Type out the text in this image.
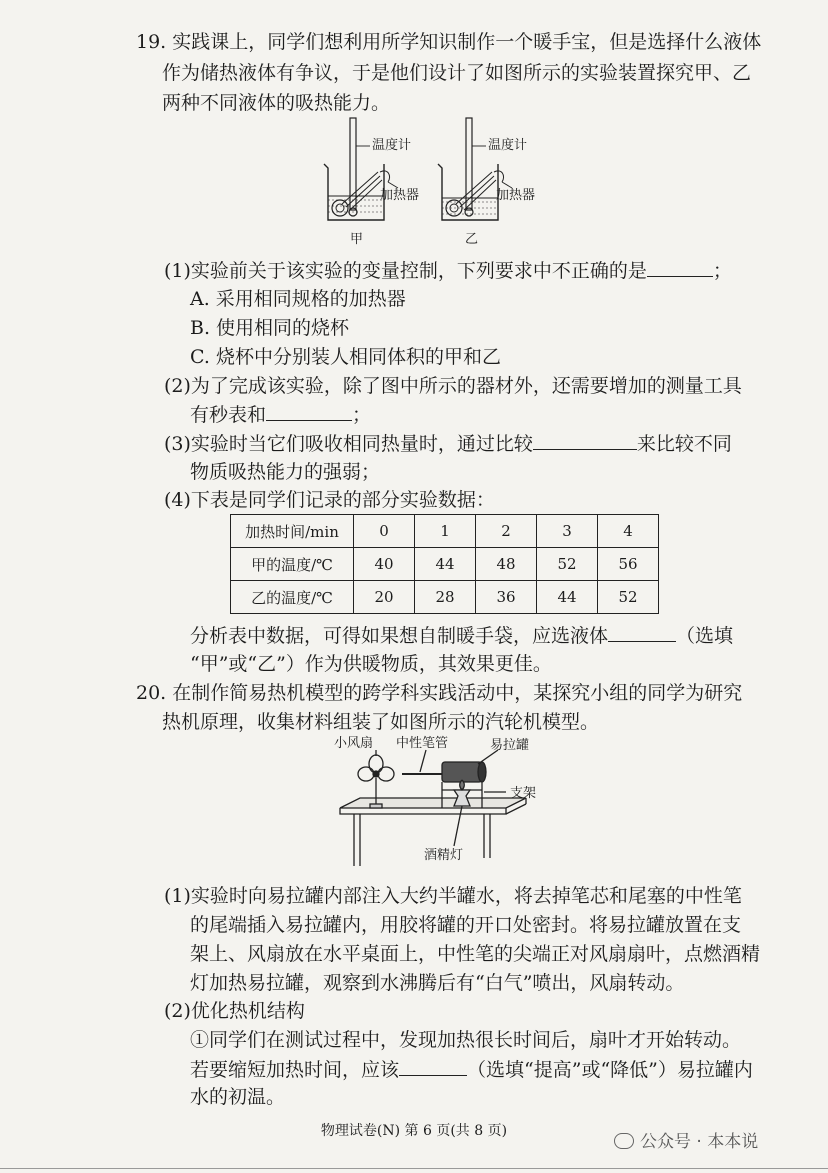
19. 实践课上，同学们想利用所学知识制作一个暖手宝，但是选择什么液体
作为储热液体有争议，于是他们设计了如图所示的实验装置探究甲、乙
两种不同液体的吸热能力。
温度计
加热器
温度计
加热器
甲	乙
(1)实验前关于该实验的变量控制，下列要求中不正确的是	；
A. 采用相同规格的加热器
B. 使用相同的烧杯
C. 烧杯中分别装人相同体积的甲和乙
(2)为了完成该实验，除了图中所示的器材外，还需要增加的测量工具
有秒表和	；
(3)实验时当它们吸收相同热量时，通过比较	来比较不同
物质吸热能力的强弱；
(4)下表是同学们记录的部分实验数据：
加热时间/min	0	1	2	3	4
甲的温度/℃	40	44	48	52	56
乙的温度/℃	20	28	36	44	52
分析表中数据，可得如果想自制暖手袋，应选液体	（选填
“甲”或“乙”）作为供暖物质，其效果更佳。
20. 在制作简易热机模型的跨学科实践活动中，某探究小组的同学为研究
热机原理，收集材料组装了如图所示的汽轮机模型。
小风扇 中性笔管	易拉罐
支架
酒精灯
(1)实验时向易拉罐内部注入大约半罐水，将去掉笔芯和尾塞的中性笔
的尾端插入易拉罐内，用胶将罐的开口处密封。将易拉罐放置在支
架上、风扇放在水平桌面上，中性笔的尖端正对风扇扇叶，点燃酒精
灯加热易拉罐，观察到水沸腾后有“白气”喷出，风扇转动。
(2)优化热机结构
①同学们在测试过程中，发现加热很长时间后，扇叶才开始转动。
若要缩短加热时间，应该	（选填“提高”或“降低”）易拉罐内
水的初温。
物理试卷(N) 第 6 页(共 8 页)
公众号 · 本本说
